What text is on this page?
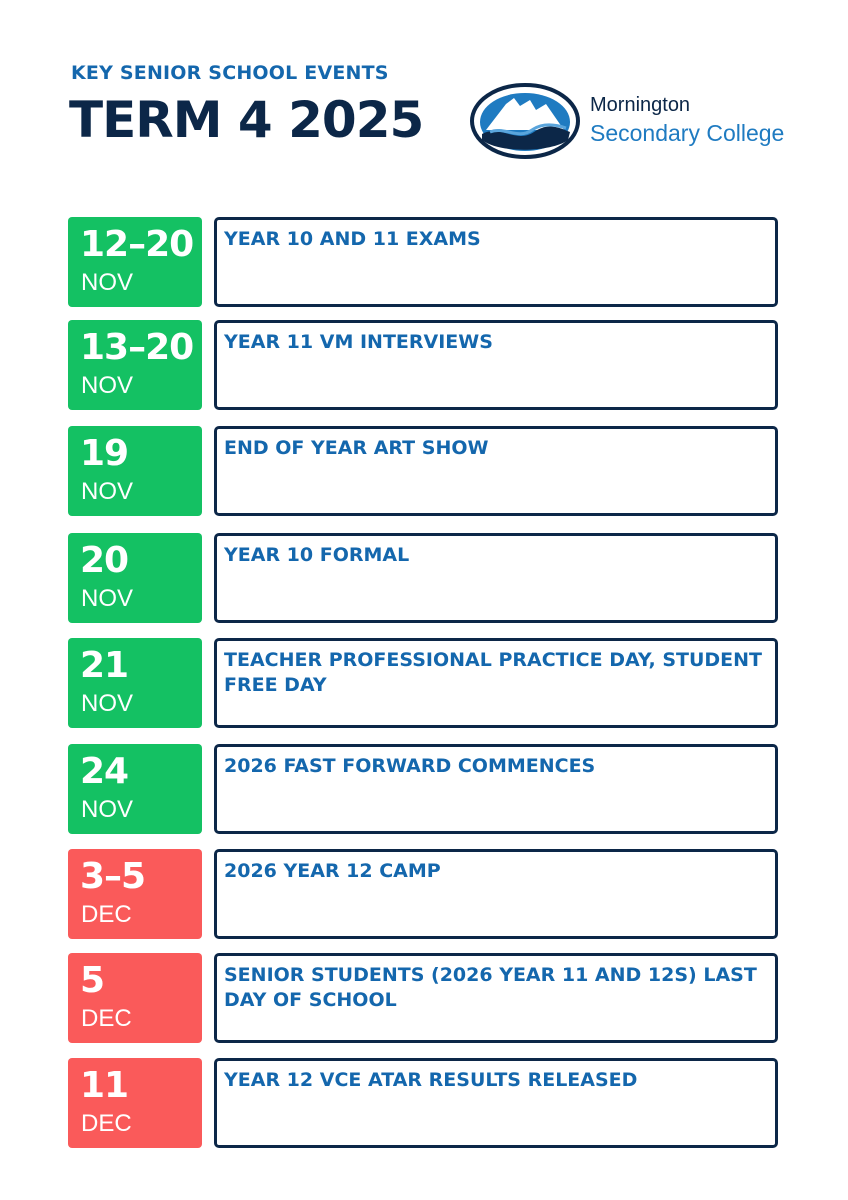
KEY SENIOR SCHOOL EVENTS
TERM 4 2025	Mornington
Secondary College
12–20
NOV
YEAR 10 AND 11 EXAMS
13–20
NOV
YEAR 11 VM INTERVIEWS
19
NOV
END OF YEAR ART SHOW
20
NOV
YEAR 10 FORMAL
21
NOV
TEACHER PROFESSIONAL PRACTICE DAY, STUDENT FREE DAY
24
NOV
2026 FAST FORWARD COMMENCES
3–5
DEC
2026 YEAR 12 CAMP
5
DEC
SENIOR STUDENTS (2026 YEAR 11 AND 12S) LAST DAY OF SCHOOL
11
DEC
YEAR 12 VCE ATAR RESULTS RELEASED
